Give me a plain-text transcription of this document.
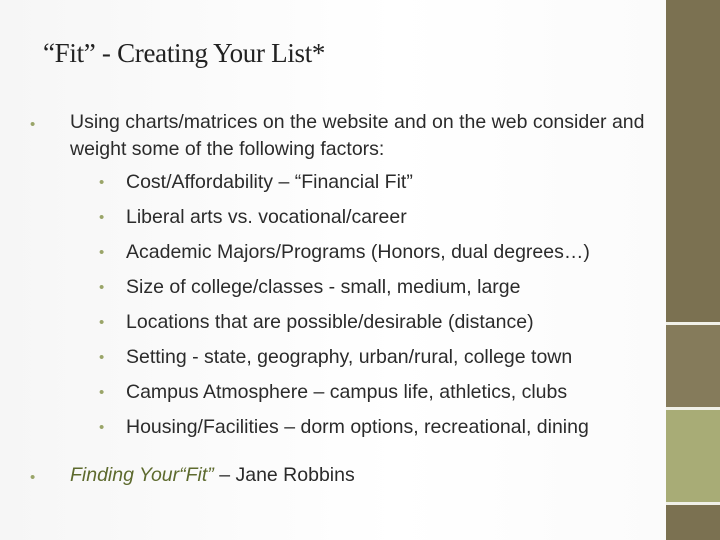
“Fit” - Creating Your List*
•	Using charts/matrices on the website and on the web consider and weight some of the following factors:
• Cost/Affordability – “Financial Fit”
• Liberal arts vs. vocational/career
• Academic Majors/Programs (Honors, dual degrees…)
• Size of college/classes - small, medium, large
• Locations that are possible/desirable (distance)
• Setting - state, geography, urban/rural, college town
• Campus Atmosphere – campus life, athletics, clubs
• Housing/Facilities – dorm options, recreational, dining
•	Finding Your“Fit” – Jane Robbins
